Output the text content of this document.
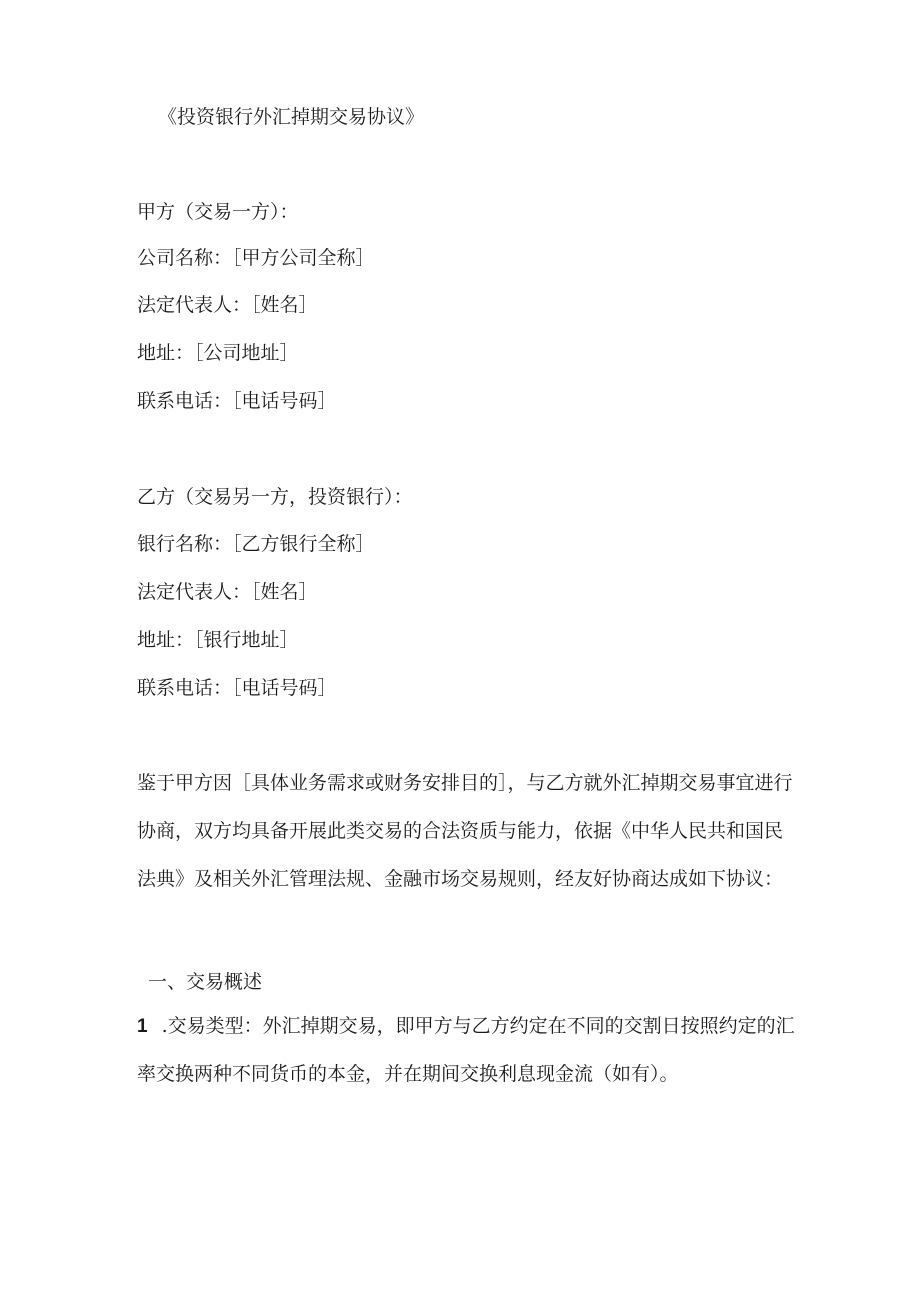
《投资银行外汇掉期交易协议》
甲方（交易一方）：
公司名称：［甲方公司全称］
法定代表人：［姓名］
地址：［公司地址］
联系电话：［电话号码］
乙方（交易另一方，投资银行）：
银行名称：［乙方银行全称］
法定代表人：［姓名］
地址：［银行地址］
联系电话：［电话号码］
鉴于甲方因［具体业务需求或财务安排目的］，与乙方就外汇掉期交易事宜进行
协商，双方均具备开展此类交易的合法资质与能力，依据《中华人民共和国民
法典》及相关外汇管理法规、金融市场交易规则，经友好协商达成如下协议：
一、交易概述
1 .交易类型：外汇掉期交易，即甲方与乙方约定在不同的交割日按照约定的汇
率交换两种不同货币的本金，并在期间交换利息现金流（如有）。
